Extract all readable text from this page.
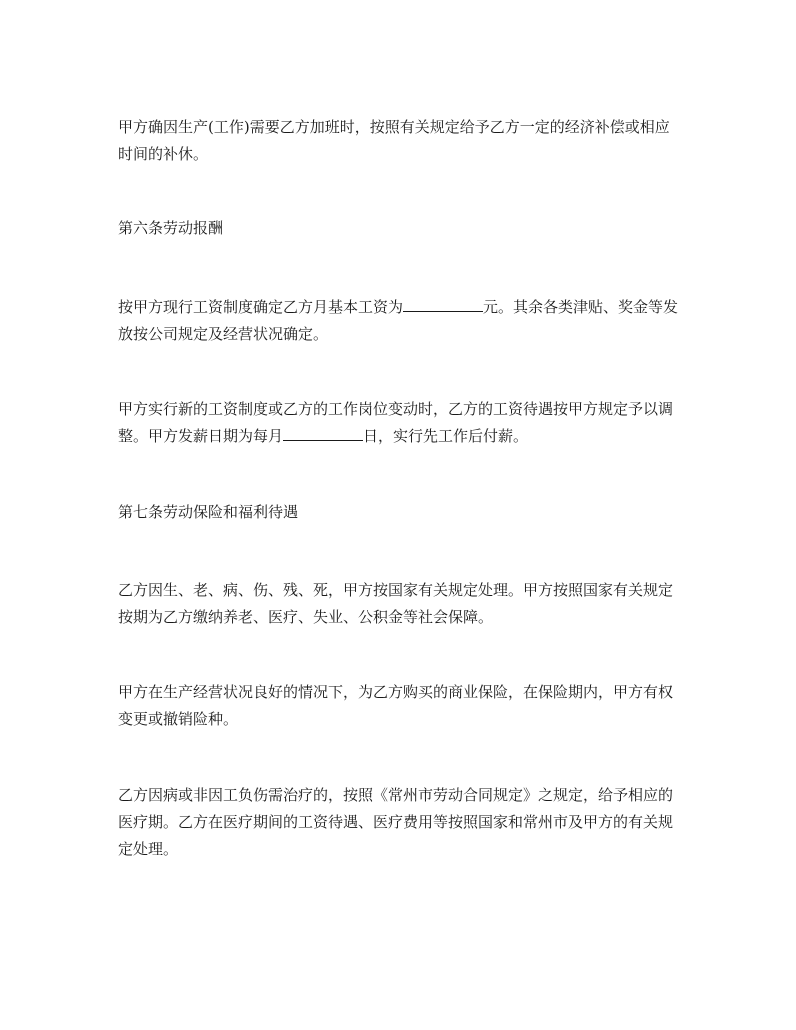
甲方确因生产(工作)需要乙方加班时，按照有关规定给予乙方一定的经济补偿或相应时间的补休。

第六条劳动报酬

按甲方现行工资制度确定乙方月基本工资为	元。其余各类津贴、奖金等发放按公司规定及经营状况确定。

甲方实行新的工资制度或乙方的工作岗位变动时，乙方的工资待遇按甲方规定予以调整。甲方发薪日期为每月	日，实行先工作后付薪。

第七条劳动保险和福利待遇

乙方因生、老、病、伤、残、死，甲方按国家有关规定处理。甲方按照国家有关规定按期为乙方缴纳养老、医疗、失业、公积金等社会保障。

甲方在生产经营状况良好的情况下，为乙方购买的商业保险，在保险期内，甲方有权变更或撤销险种。

乙方因病或非因工负伤需治疗的，按照《常州市劳动合同规定》之规定，给予相应的医疗期。乙方在医疗期间的工资待遇、医疗费用等按照国家和常州市及甲方的有关规定处理。
